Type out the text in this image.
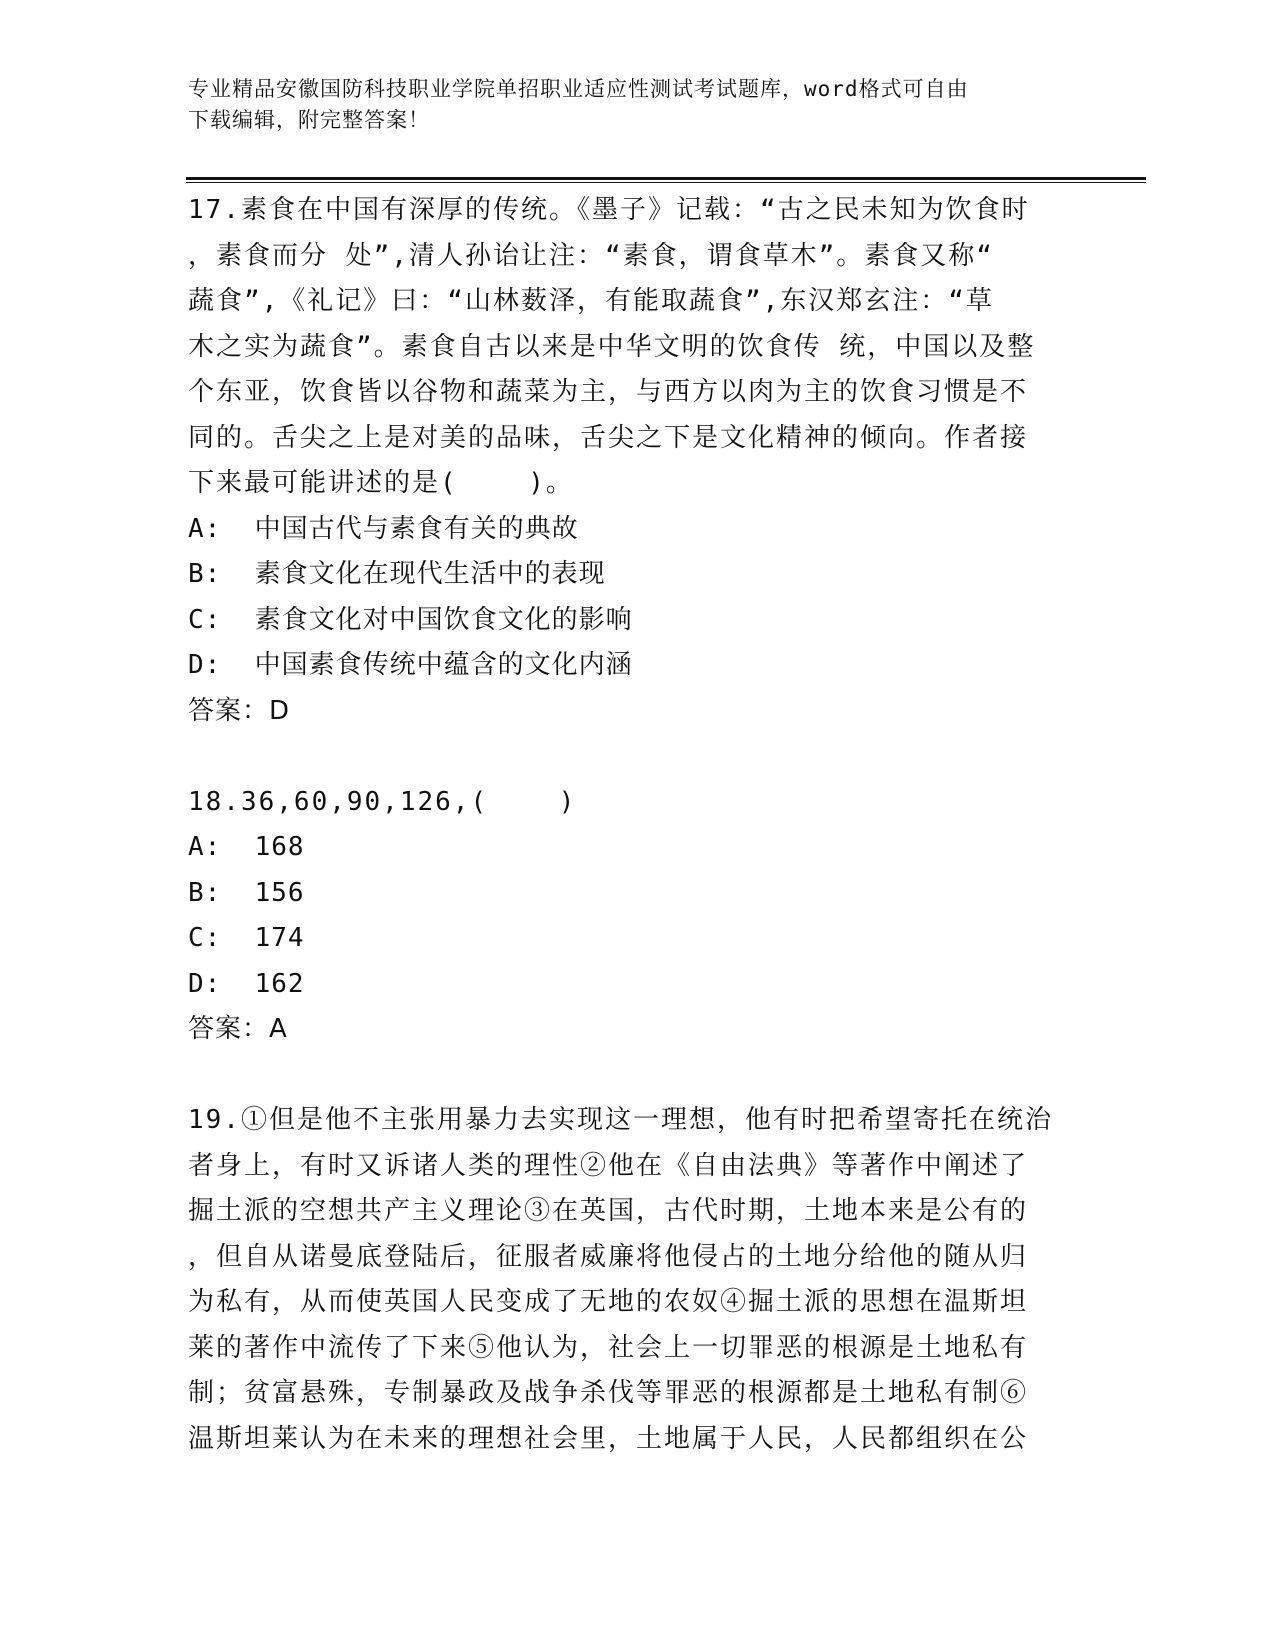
专业精品安徽国防科技职业学院单招职业适应性测试考试题库，word格式可自由
下载编辑，附完整答案！
17.素食在中国有深厚的传统。《墨子》记载：“古之民未知为饮食时
，素食而分 处”,清人孙诒让注：“素食，谓食草木”。素食又称“
蔬食”,《礼记》曰：“山林薮泽，有能取蔬食”,东汉郑玄注：“草
木之实为蔬食”。素食自古以来是中华文明的饮食传 统，中国以及整
个东亚，饮食皆以谷物和蔬菜为主，与西方以肉为主的饮食习惯是不
同的。舌尖之上是对美的品味，舌尖之下是文化精神的倾向。作者接
下来最可能讲述的是(    )。
A:  中国古代与素食有关的典故
B:  素食文化在现代生活中的表现
C:  素食文化对中国饮食文化的影响
D:  中国素食传统中蕴含的文化内涵
答案：D
18.36,60,90,126,(    )
A:  168
B:  156
C:  174
D:  162
答案：A
19.①但是他不主张用暴力去实现这一理想，他有时把希望寄托在统治
者身上，有时又诉诸人类的理性②他在《自由法典》等著作中阐述了
掘土派的空想共产主义理论③在英国，古代时期，土地本来是公有的
，但自从诺曼底登陆后，征服者威廉将他侵占的土地分给他的随从归
为私有，从而使英国人民变成了无地的农奴④掘土派的思想在温斯坦
莱的著作中流传了下来⑤他认为，社会上一切罪恶的根源是土地私有
制；贫富悬殊，专制暴政及战争杀伐等罪恶的根源都是土地私有制⑥
温斯坦莱认为在未来的理想社会里，土地属于人民，人民都组织在公
